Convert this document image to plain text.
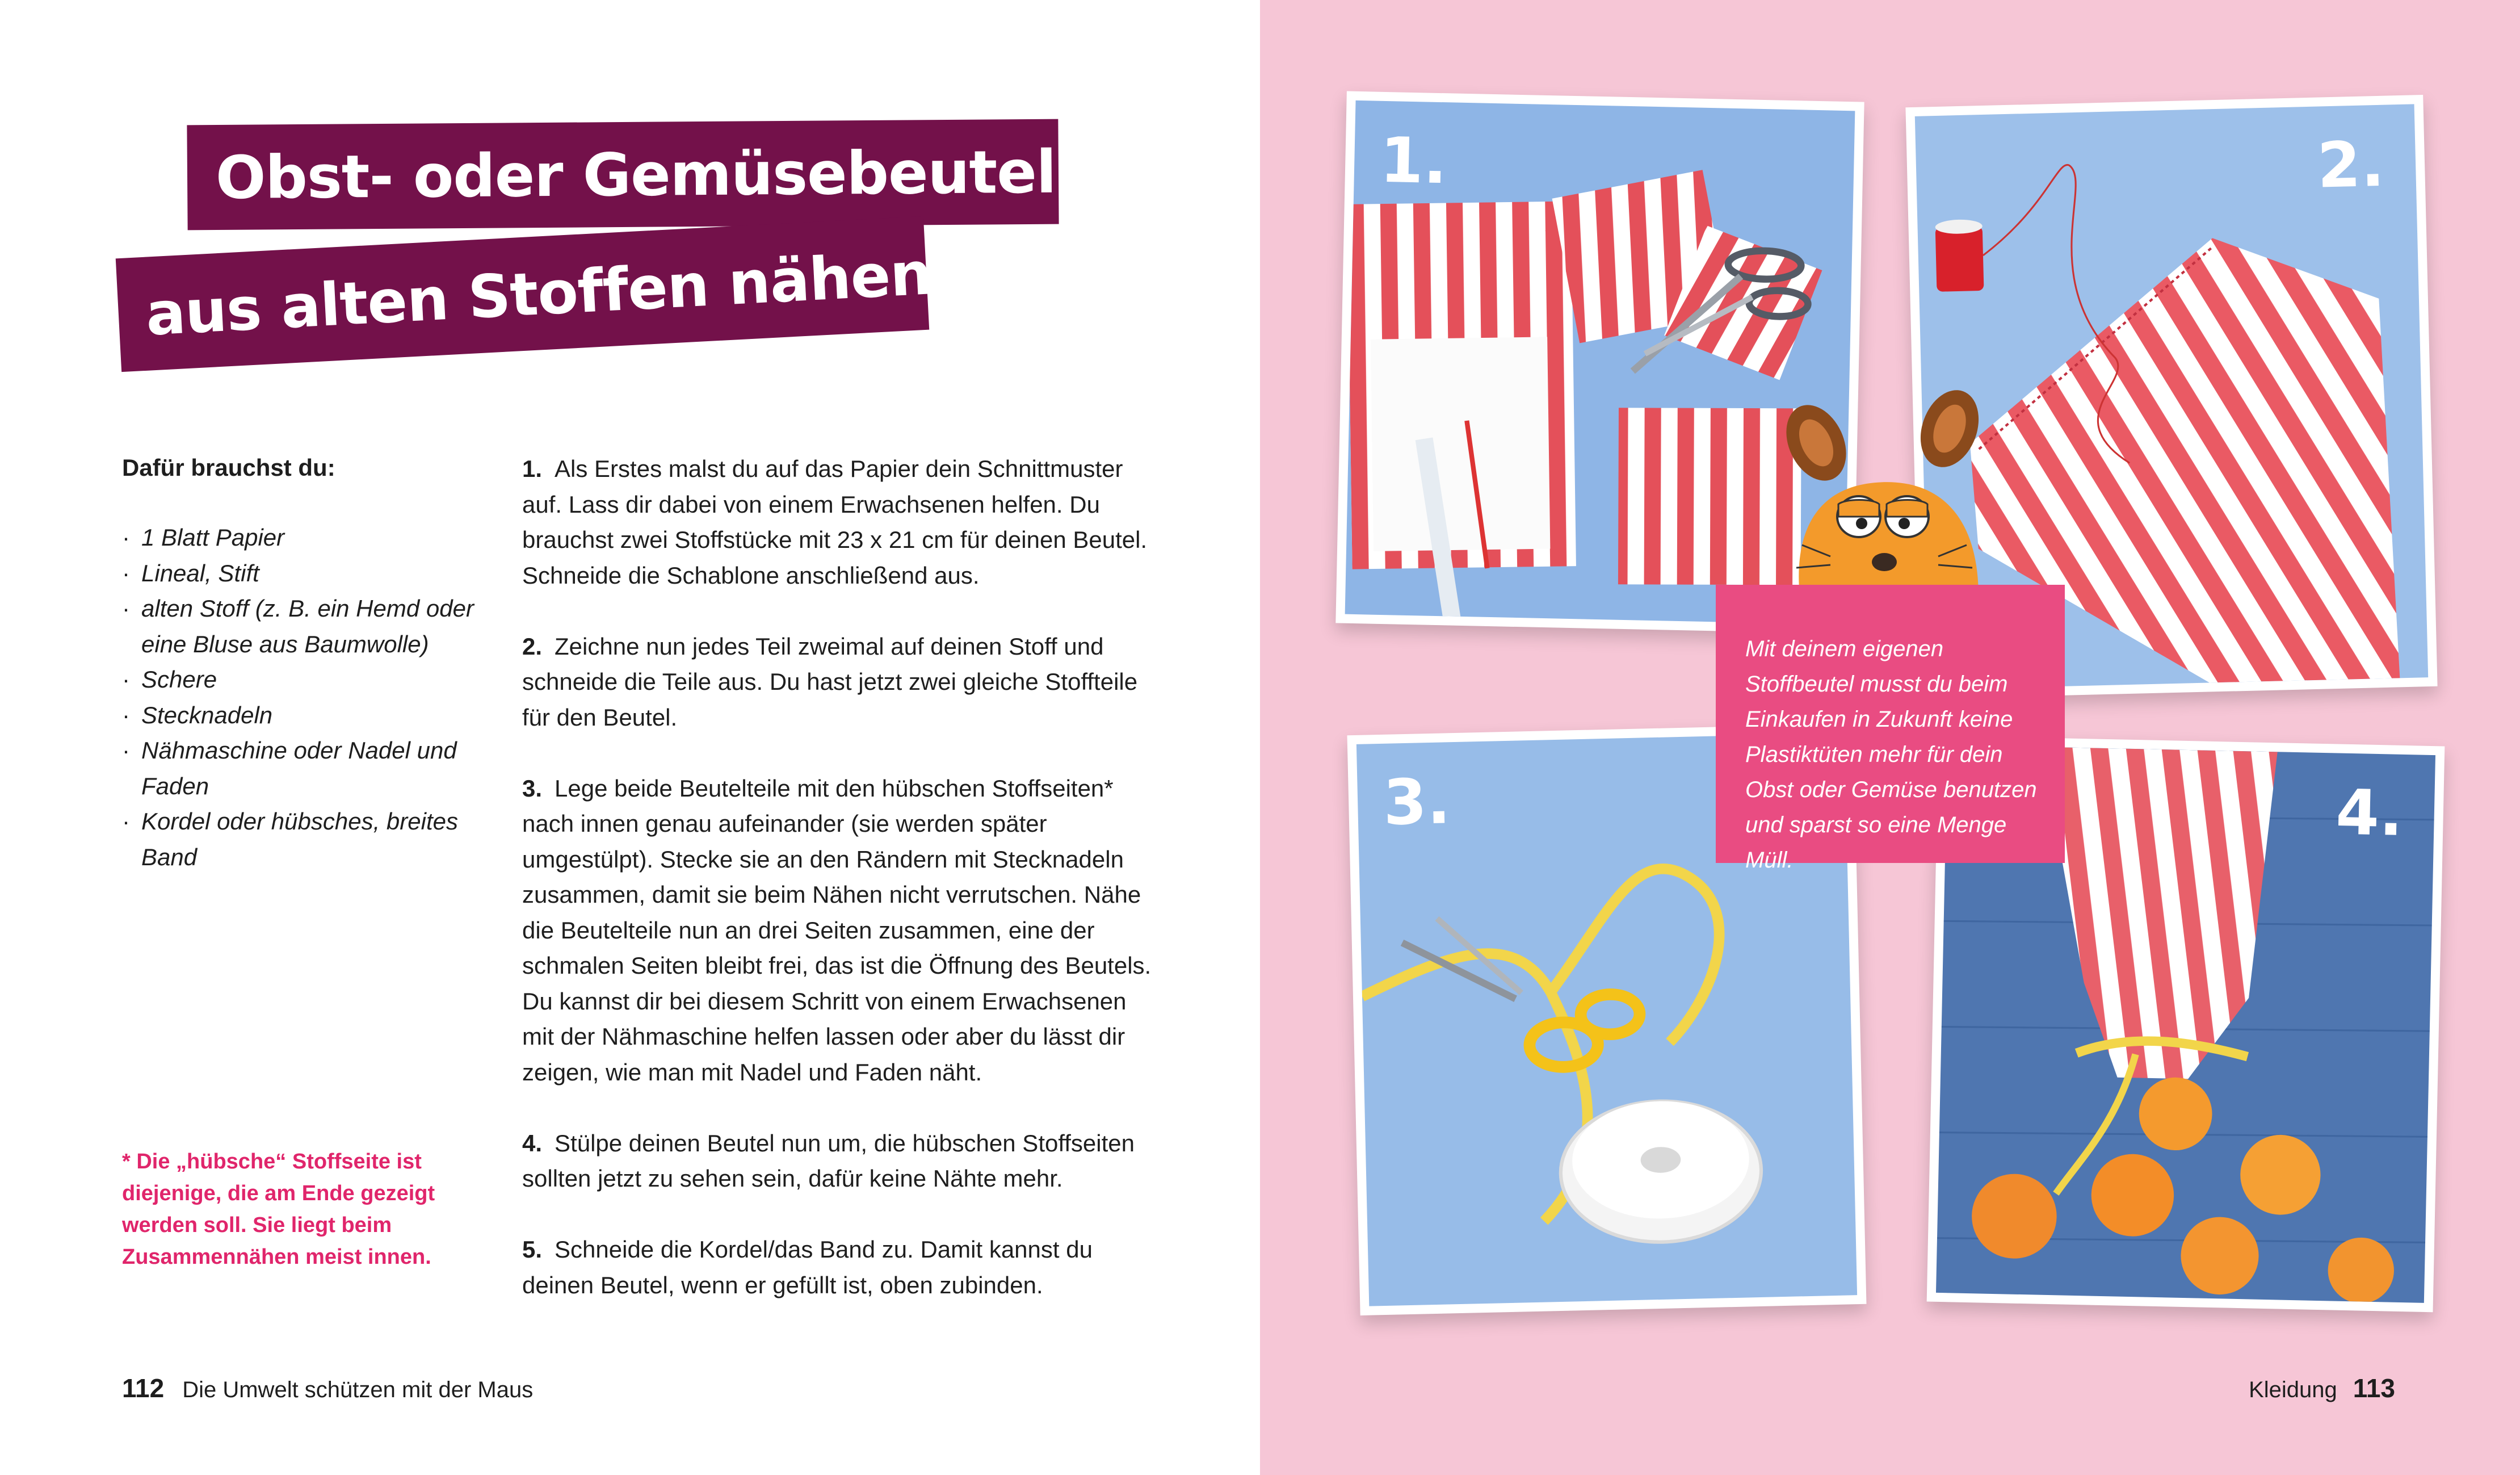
Obst- oder Gemüsebeutel
aus alten Stoffen nähen
Dafür brauchst du:
· 1 Blatt Papier
· Lineal, Stift
· alten Stoff (z. B. ein Hemd oder eine Bluse aus Baumwolle)
· Schere
· Stecknadeln
· Nähmaschine oder Nadel und Faden
· Kordel oder hübsches, breites Band
* Die „hübsche“ Stoffseite ist diejenige, die am Ende gezeigt werden soll. Sie liegt beim Zusammennähen meist innen.

1. Als Erstes malst du auf das Papier dein Schnittmuster auf. Lass dir dabei von einem Erwachsenen helfen. Du brauchst zwei Stoffstücke mit 23 x 21 cm für deinen Beutel. Schneide die Schablone anschließend aus.

2. Zeichne nun jedes Teil zweimal auf deinen Stoff und schneide die Teile aus. Du hast jetzt zwei gleiche Stoffteile für den Beutel.

3. Lege beide Beutelteile mit den hübschen Stoffseiten* nach innen genau aufeinander (sie werden später umgestülpt). Stecke sie an den Rändern mit Stecknadeln zusammen, damit sie beim Nähen nicht verrutschen. Nähe die Beutelteile nun an drei Seiten zusammen, eine der schmalen Seiten bleibt frei, das ist die Öffnung des Beutels. Du kannst dir bei diesem Schritt von einem Erwachsenen mit der Nähmaschine helfen lassen oder aber du lässt dir zeigen, wie man mit Nadel und Faden näht.

4. Stülpe deinen Beutel nun um, die hübschen Stoffseiten sollten jetzt zu sehen sein, dafür keine Nähte mehr.

5. Schneide die Kordel/das Band zu. Damit kannst du deinen Beutel, wenn er gefüllt ist, oben zubinden.

112 Die Umwelt schützen mit der Maus
1.	2.
3.	4.
Mit deinem eigenen Stoffbeutel musst du beim Einkaufen in Zukunft keine Plastiktüten mehr für dein Obst oder Gemüse benutzen und sparst so eine Menge Müll.
Kleidung 113
